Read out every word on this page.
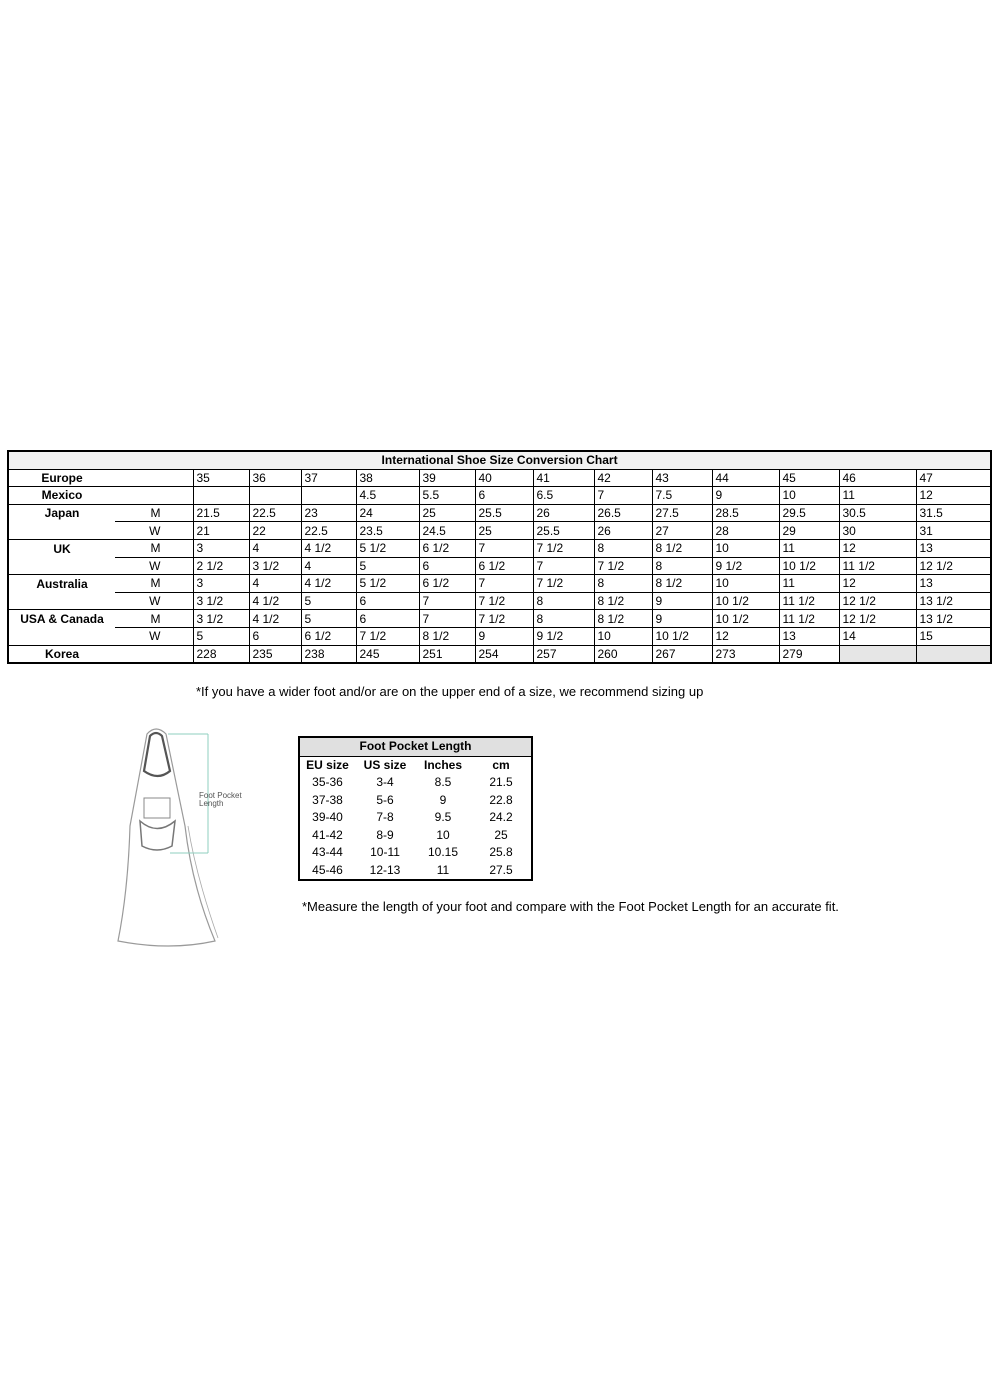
International Shoe Size Conversion Chart														
Europe		35	36	37	38	39	40	41	42	43	44	45	46	47
Mexico					4.5	5.5	6	6.5	7	7.5	9	10	11	12
Japan	M	21.5	22.5	23	24	25	25.5	26	26.5	27.5	28.5	29.5	30.5	31.5
	W	21	22	22.5	23.5	24.5	25	25.5	26	27	28	29	30	31
UK	M	3	4	4 1/2	5 1/2	6 1/2	7	7 1/2	8	8 1/2	10	11	12	13
	W	2 1/2	3 1/2	4	5	6	6 1/2	7	7 1/2	8	9 1/2	10 1/2	11 1/2	12 1/2
Australia	M	3	4	4 1/2	5 1/2	6 1/2	7	7 1/2	8	8 1/2	10	11	12	13
	W	3 1/2	4 1/2	5	6	7	7 1/2	8	8 1/2	9	10 1/2	11 1/2	12 1/2	13 1/2
USA & Canada	M	3 1/2	4 1/2	5	6	7	7 1/2	8	8 1/2	9	10 1/2	11 1/2	12 1/2	13 1/2
	W	5	6	6 1/2	7 1/2	8 1/2	9	9 1/2	10	10 1/2	12	13	14	15
Korea		228	235	238	245	251	254	257	260	267	273	279		
*If you have a wider foot and/or are on the upper end of a size, we recommend sizing up
Foot Pocket
Length
Foot Pocket Length			
EU size	US size	Inches	cm
35-36	3-4	8.5	21.5
37-38	5-6	9	22.8
39-40	7-8	9.5	24.2
41-42	8-9	10	25
43-44	10-11	10.15	25.8
45-46	12-13	11	27.5
*Measure the length of your foot and compare with the Foot Pocket Length for an accurate fit.
